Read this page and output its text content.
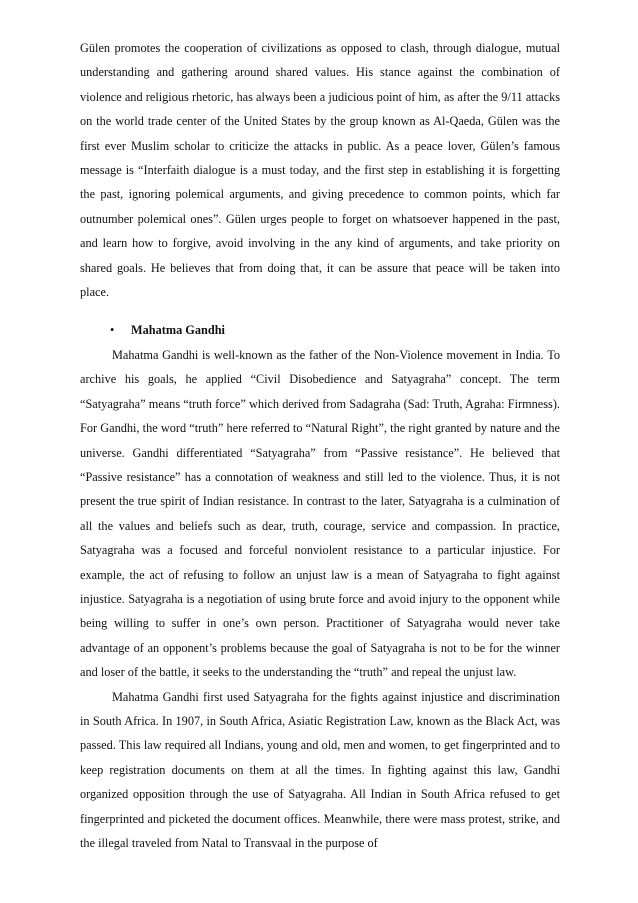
Gülen promotes the cooperation of civilizations as opposed to clash, through dialogue, mutual understanding and gathering around shared values. His stance against the combination of violence and religious rhetoric, has always been a judicious point of him, as after the 9/11 attacks on the world trade center of the United States by the group known as Al-Qaeda, Gülen was the first ever Muslim scholar to criticize the attacks in public. As a peace lover, Gülen’s famous message is “Interfaith dialogue is a must today, and the first step in establishing it is forgetting the past, ignoring polemical arguments, and giving precedence to common points, which far outnumber polemical ones”. Gülen urges people to forget on whatsoever happened in the past, and learn how to forgive, avoid involving in the any kind of arguments, and take priority on shared goals. He believes that from doing that, it can be assure that peace will be taken into place.

•	Mahatma Gandhi

Mahatma Gandhi is well-known as the father of the Non-Violence movement in India. To archive his goals, he applied “Civil Disobedience and Satyagraha” concept. The term “Satyagraha” means “truth force” which derived from Sadagraha (Sad: Truth, Agraha: Firmness). For Gandhi, the word “truth” here referred to “Natural Right”, the right granted by nature and the universe. Gandhi differentiated “Satyagraha” from “Passive resistance”. He believed that “Passive resistance” has a connotation of weakness and still led to the violence. Thus, it is not present the true spirit of Indian resistance. In contrast to the later, Satyagraha is a culmination of all the values and beliefs such as dear, truth, courage, service and compassion. In practice, Satyagraha was a focused and forceful nonviolent resistance to a particular injustice. For example, the act of refusing to follow an unjust law is a mean of Satyagraha to fight against injustice. Satyagraha is a negotiation of using brute force and avoid injury to the opponent while being willing to suffer in one’s own person. Practitioner of Satyagraha would never take advantage of an opponent’s problems because the goal of Satyagraha is not to be for the winner and loser of the battle, it seeks to the understanding the “truth” and repeal the unjust law.

Mahatma Gandhi first used Satyagraha for the fights against injustice and discrimination in South Africa. In 1907, in South Africa, Asiatic Registration Law, known as the Black Act, was passed. This law required all Indians, young and old, men and women, to get fingerprinted and to keep registration documents on them at all the times. In fighting against this law, Gandhi organized opposition through the use of Satyagraha. All Indian in South Africa refused to get fingerprinted and picketed the document offices. Meanwhile, there were mass protest, strike, and the illegal traveled from Natal to Transvaal in the purpose of
